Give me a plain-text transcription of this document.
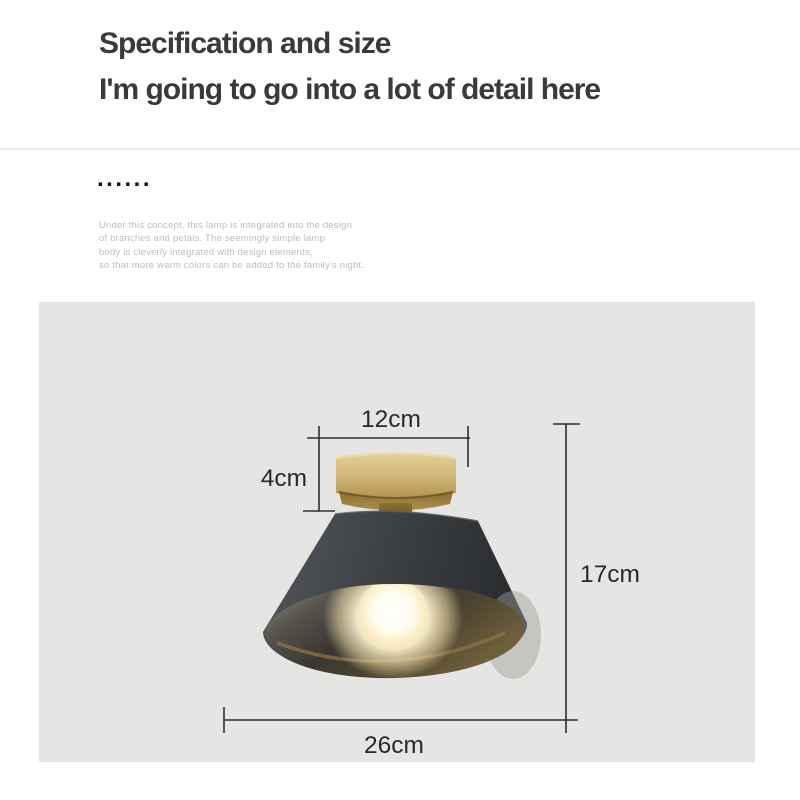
Specification and size
I'm going to go into a lot of detail here
......
Under this concept, this lamp is integrated into the design
of branches and petals. The seemingly simple lamp
body is cleverly integrated with design elements,
so that more warm colors can be added to the family's night.
12cm
4cm
17cm
26cm
